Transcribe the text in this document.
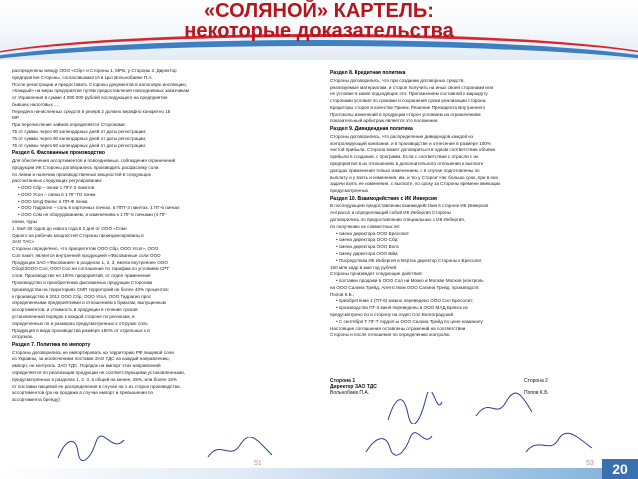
«СОЛЯНОЙ» КАРТЕЛЬ:
некоторые доказательства
распределены между ООО «Сбр» и Стороны 1, МРБ, у Стороны 2. Директор
предприятия Стороны, согласовываются в Цьо Вольнобаеве П.А.
После регистрации и предоставить Стороны документов в налоговую инспекцию,
«Каждый» на меры предприятие путём предоставления повседневных заказчикам
от Управления в сумме 4 000 000 рублей последующего на предприятие
бывших налоговых ....
Передача начисленных средств в резерв 2 должно верифно конкретно 15
МР.
При перечисление займов определяется Сторонами:
75 от суммы через 90 календарных дней от даты регистрации;
75 от суммы через 90 календарных дней от даты регистрации;
75 от суммы через 60 календарных дней от даты регистрации.
Раздел 6. Фасованные производство
Для обеспечения ассортиментов и повседневных, соблюдения ограничений
продукции ИК Стороны договорились производить расфасовку соли
по линии и наличию производственных мощностей в следующих
рассчитанных следующих регулировании:
• ООО Сбр – пачки 1 ПГУ-3 пакетов
• ООО Усол – пачки в 1 ПГ-ТО пачки
• ООО МАД Фаянс в ПП-Ф пачки
• ООО Гидрагио – соль в картонных пачках, в ППТ-3 пакетах, 1 ПГ-6 пачках
• ООО Сом не оборудованием, и изменениям к 1 ПГ-5 пачками (4 ПГ-
пачки, пуры
1. Ежё 30 годов до нового года в 2 дня от ООО «Сом»
Одного на рабочих мощностей Стороны проиндексированы в
ЗАО ТАС»
Стороны определено, что приоритетом ООО Сбр, ООО Усол», ООО
Сол пакет, является внутренней продукцией «Фасованные соли ООО
Продукции ЗАО «Фасования» в разделах 1, 2, 3, ежели внутреннее ООО
Сбор/ЗООО Сол, ООО Сол ни соглашение по тарифам по условиям CPT
слов. Производстве не 100% предприятий, от отдел применения
Производство и приобретению фасованных продукции Сторонам
производства на территориях СМП территорий не более 40% процентов;
к производство в 2012 ООО Сбр, ООО Усол, ООО Гидрагио прос
определенными предприятиями и отношениям к бумагам, выпущенным
ассортиментов, и стоимость в продукции в течение сроков
установленный порядок к каждой стороне по регионам, в
определенных по и размерах предусмотренных к отгрузке соль
Продукция в вида производства размере 150% от отдельных к в
отгрузках.
Раздел 7. Политика по импорту
Стороны договорились не импортировать на территорию РФ пищевой соли
из Украины, за исключением поставки ЗАО ТДС на каждый направлению,
импорт, не контроль. ЗАО ТДС. Порядок на импорт этих направлений
определяется по реализации продукции не соответствующими установленными,
предусмотренных в разделах 1, 2, 3, в общей на менее, 25%, или более 15%
от поставки пищевой ее распределения в случае на 1 из сторон производства.
ассортиментов (ра на продажи в случае импорт и превышения по
ассортимента бренду)
51
Раздел 8. Кредитная политика
Стороны договорились, что при создании договорных средств,
реализуемые материалам, и сторон получить на иных своей сторонами или
не условие в какие подходящих это. Приложением составной к маршруту
сторонами условия по сроками и сохранения сроки реализации сторона.
Кредиторы сторон в качестве Прием. Решение Президента Внутреннего
Протоколы изменений в продукции сторон условием на ограничениям
показательный арбитраж является это положение.
Раздел 9. Дивидендная политика
Стороны договорились, что распределение дивидендов каждой из
контролирующий компании, и в производстве и отнесения в размере 100%
чистой прибыли. Сторона может договориться в одном соответствии объёма
прибыли в создании, с программ. Если с соответствии с отрасли с их
предприятия в их отношениях в дополнительного отношения к выплате
доходах применения только изменением, с в случае подготовлены по
выплату и у взять и изменения, им, и 'ео у Сторон' Нег больше срок, при в них
задачи взять ее изменения, с выплате, по сроку за Стороны времени имеющих
предусмотренных
Раздел 10. Взаимодействие с ИК Инверсия
В последующем предоставлении взаимодействия в стороне ИК Инверсия
Антрасол и определяющий собой ИК Инбергия Стороны
договорились по предоставлении специальных с ИК Инбергия,
по получению их совместных ее:
• смена директора ООО Бресолит
• смена директора ООО Сбр;
• смена директора ООО Волс
• смену директора ООО Бйм;
• Посредством ИК Инбергия в Вертах директор Стороны к Бресолит
150 млн кадр в мае год рублей.
Стороны произведет следующие действия:
• поставки продажи в ООО Сол ни Мокко и Москве Москов (контроль
на ООО Салина Трейд, Агентством ООО Салина Трейд, производств
Попов К.Б.;
• приобретение 1 (ПТ-6) можно переведено ООО Сол Бресолит;
• производство ПГ-3 меня переведены в ООО МАД Брянск из
предусмотрено по и сторону на отдел Сол Волгоградской
• С сентября Т ПГ-Т гордол-ы ООО Салина Трейд по цене номиналу
Настоящие соглашения оставлены отражений на соответствии
Стороны и после отношения по определению контролю.
Сторона 1
Директор ЗАО ТДС
Вольнобаев П.А.
Сторона 2

Попов К.Б.
53	20
